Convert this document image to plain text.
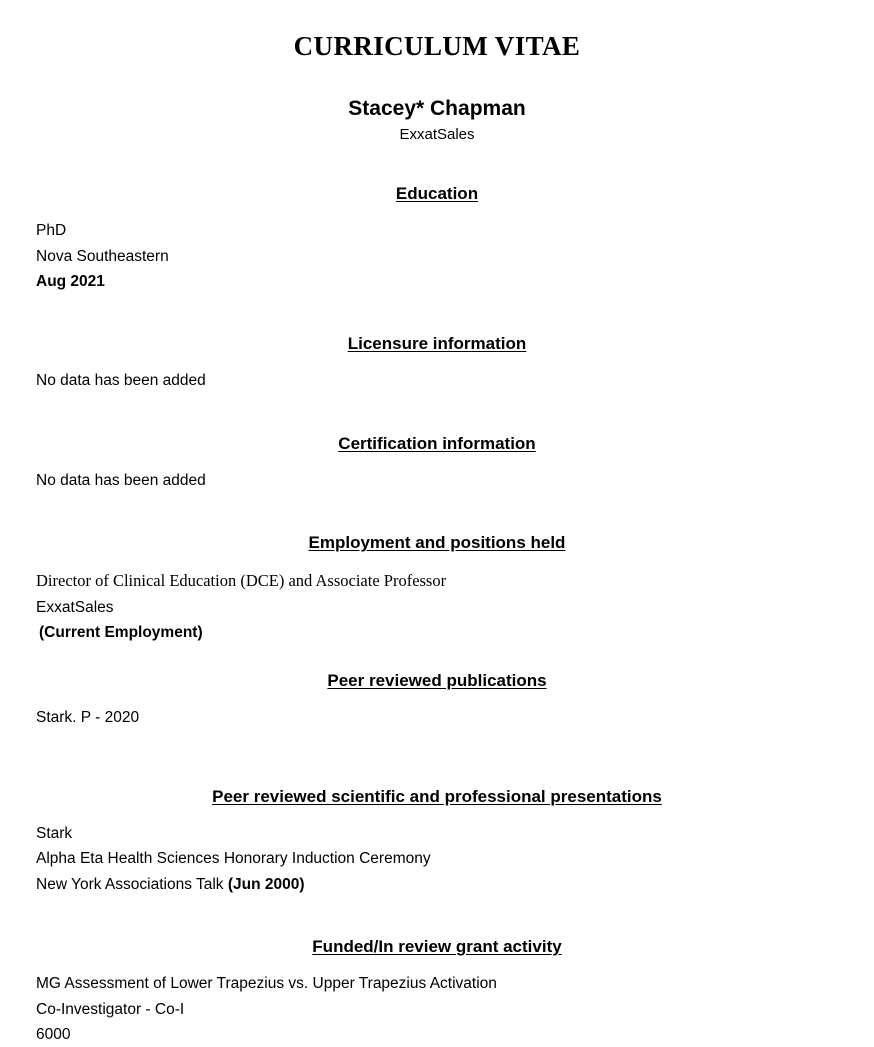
CURRICULUM VITAE
Stacey* Chapman
ExxatSales
Education
PhD
Nova Southeastern
Aug 2021
Licensure information
No data has been added
Certification information
No data has been added
Employment and positions held
Director of Clinical Education (DCE) and Associate Professor
ExxatSales
(Current Employment)
Peer reviewed publications
Stark. P - 2020
Peer reviewed scientific and professional presentations
Stark
Alpha Eta Health Sciences Honorary Induction Ceremony
New York Associations Talk (Jun 2000)
Funded/In review grant activity
MG Assessment of Lower Trapezius vs. Upper Trapezius Activation
Co-Investigator - Co-I
6000
